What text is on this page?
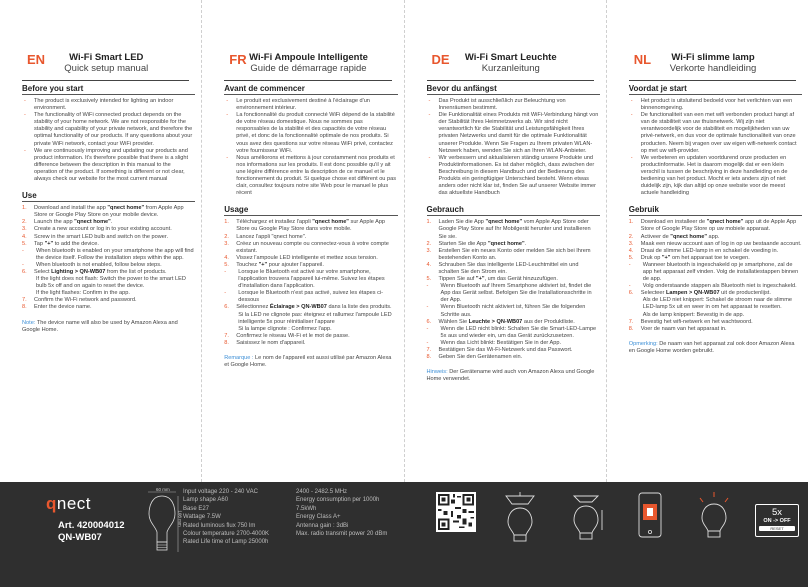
EN	Wi-Fi Smart LED
Quick setup manual
Before you start
- The product is exclusively intended for lighting an indoor environment.
- The functionality of WiFi connected product depends on the stability of your home network. We are not responsible for the stability and capability of your private network, and therefore the optimal functionality of our products. If any questions about your private WiFi network, contact your WiFi provider.
- We are continuously improving and updating our products and product information. It's therefore possible that there is a slight difference between the description in this manual to the operation of the product. If something is different or not clear, always check our website for the most current manual
Use
1. Download and install the app "qnect home" from Apple App Store or Google Play Store on your mobile device.
2. Launch the app "qnect home".
3. Create a new account or log in to your existing account.
4. Screw in the smart LED bulb and switch on the power.
5. Tap "+" to add the device.
- When bluetooth is enabled on your smartphone the app will find the device itself. Follow the installation steps within the app.
- When bluetooth is not enabled, follow below steps.
6. Select Lighting > QN-WB07 from the list of products.
If the light does not flash: Switch the power to the smart LED bulb 5x off and on again to reset the device.
If the light flashes: Confirm in the app.
7. Confirm the Wi-Fi network and password.
8. Enter the device name.
Note: The device name will also be used by Amazon Alexa and Google Home.
FR Wi-Fi Ampoule Intelligente
Guide de démarrage rapide
Avant de commencer
- Le produit est exclusivement destiné à l'éclairage d'un environnement intérieur.
- La fonctionnalité du produit connecté WiFi dépend de la stabilité de votre réseau domestique. Nous ne sommes pas responsables de la stabilité et des capacités de votre réseau privé, et donc de la fonctionnalité optimale de nos produits. Si vous avez des questions sur votre réseau WiFi privé, contactez votre fournisseur WiFi.
- Nous améliorons et mettons à jour constamment nos produits et nos informations sur les produits. Il est donc possible qu'il y ait une légère différence entre la description de ce manuel et le fonctionnement du produit. Si quelque chose est différent ou pas clair, consultez toujours notre site Web pour le manuel le plus récent
Usage
1. Téléchargez et installez l'appli "qnect home" sur Apple App Store ou Google Play Store dans votre mobile.
2. Lancez l'appli "qnect home".
3. Créez un nouveau compte ou connectez-vous à votre compte existant.
4. Vissez l'ampoule LED intelligente et mettez sous tension.
5. Touchez "+" pour ajouter l'appareil.
- Lorsque le Bluetooth est activé sur votre smartphone, l'application trouvera l'appareil lui-même. Suivez les étapes d'installation dans l'application.
- Lorsque le Bluetooth n'est pas activé, suivez les étapes ci-dessous
6. Sélectionnez Éclairage > QN-WB07 dans la liste des produits.
Si la LED ne clignote pas: éteignez et rallumez l'ampoule LED intelligente 5x pour réinitialiser l'appare
Si la lampe clignote : Confirmez l'app.
7. Confirmez le réseau Wi-Fi et le mot de passe.
8. Saisissez le nom d'appareil.
Remarque : Le nom de l'appareil est aussi utilisé par Amazon Alexa et Google Home.
DE	Wi-Fi Smart Leuchte
Kurzanleitung
Bevor du anfängst
- Das Produkt ist ausschließlich zur Beleuchtung von Innenräumen bestimmt.
- Die Funktionalität eines Produkts mit WiFi-Verbindung hängt von der Stabilität Ihres Heimnetzwerks ab. Wir sind nicht verantwortlich für die Stabilität und Leistungsfähigkeit Ihres privaten Netzwerks und damit für die optimale Funktionalität unserer Produkte. Wenn Sie Fragen zu Ihrem privaten WLAN-Netzwerk haben, wenden Sie sich an Ihren WLAN-Anbieter.
- Wir verbessern und aktualisieren ständig unsere Produkte und Produktinformationen. Es ist daher möglich, dass zwischen der Beschreibung in diesem Handbuch und der Bedienung des Produkts ein geringfügiger Unterschied besteht. Wenn etwas anders oder nicht klar ist, finden Sie auf unserer Website immer das aktuellste Handbuch
Gebrauch
1. Laden Sie die App "qnect home" vom Apple App Store oder Google Play Store auf Ihr Mobilgerät herunter und installieren Sie sie.
2. Starten Sie die App "qnect home".
3. Erstellen Sie ein neues Konto oder melden Sie sich bei Ihrem bestehenden Konto an.
4. Schrauben Sie das intelligente LED-Leuchtmittel ein und schalten Sie den Strom ein.
5. Tippen Sie auf "+", um das Gerät hinzuzufügen.
- Wenn Bluetooth auf Ihrem Smartphone aktiviert ist, findet die App das Gerät selbst. Befolgen Sie die Installationsschritte in der App.
- Wenn Bluetooth nicht aktiviert ist, führen Sie die folgenden Schritte aus.
6. Wählen Sie Leuchte > QN-WB07 aus der Produktliste.
- Wenn die LED nicht blinkt: Schalten Sie die Smart-LED-Lampe 5x aus und wieder ein, um das Gerät zurückzusetzen.
- Wenn das Licht blinkt: Bestätigen Sie in der App.
7. Bestätigen Sie das Wi-Fi-Netzwerk und das Passwort.
8. Geben Sie den Gerätenamen ein.
Hinweis: Der Gerätename wird auch von Amazon Alexa und Google Home verwendet.
NL	Wi-Fi slimme lamp
Verkorte handleiding
Voordat je start
- Het product is uitsluitend bedoeld voor het verlichten van een binnenomgeving.
- De functionaliteit van een met wifi verbonden product hangt af van de stabiliteit van uw thuisnetwerk. Wij zijn niet verantwoordelijk voor de stabiliteit en mogelijkheden van uw privé-netwerk, en dus voor de optimale functionaliteit van onze producten. Neem bij vragen over uw eigen wifi-netwerk contact op met uw wifi-provider.
- We verbeteren en updaten voortdurend onze producten en productinformatie. Het is daarom mogelijk dat er een klein verschil is tussen de beschrijving in deze handleiding en de bediening van het product. Mocht er iets anders zijn of niet duidelijk zijn, kijk dan altijd op onze website voor de meest actuele handleiding
Gebruik
1. Download en installeer de "qnect home" app uit de Apple App Store of Google Play Store op uw mobiele apparaat.
2. Activeer de "qnect home" app.
3. Maak een nieuw account aan of log in op uw bestaande account.
4. Draai de slimme LED-lamp in en schakel de voeding in.
5. Druk op "+" om het apparaat toe te voegen.
- Wanneer bluetooth is ingeschakeld op je smartphone, zal de app het apparaat zelf vinden. Volg de installatiestappen binnen de app.
- Volg onderstaande stappen als Bluetooth niet is ingeschakeld.
6. Selecteer Lampen > QN-WB07 uit de productenlijst.
Als de LED niet knippert: Schakel de stroom naar de slimme LED-lamp 5x uit en weer in om het apparaat te resetten.
Als de lamp knippert: Bevestig in de app.
7. Bevestig het wifi-netwerk en het wachtwoord.
8. Voer de naam van het apparaat in.
Opmerking: De naam van het apparaat zal ook door Amazon Alexa en Google Home worden gebruikt.
qnect
Art. 420004012
QN-WB07
60 mm
108 mm
Input voltage 220 - 240 VAC
Lamp shape A60
Base E27
Wattage 7.5W
Rated luminous flux 750 lm
Colour temperature 2700-4000K
Rated Life time of Lamp 25000h
2400 - 2482.5 MHz
Energy consumption per 1000h
7.5kWh
Energy Class A+
Antenna gain : 3dBi
Max. radio transmit power 20 dBm
5x
ON -> OFF
RESET
